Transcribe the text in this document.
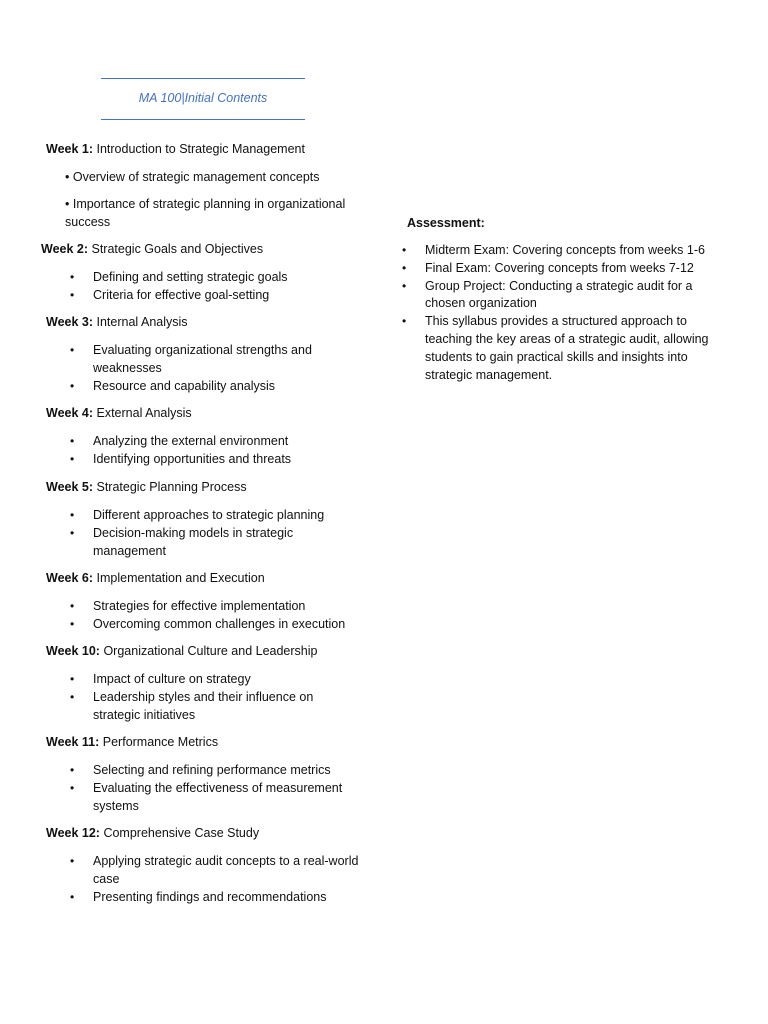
MA 100|Initial Contents

Week 1: Introduction to Strategic Management

• Overview of strategic management concepts
• Importance of strategic planning in organizational success

Week 2: Strategic Goals and Objectives

• Defining and setting strategic goals
• Criteria for effective goal-setting

Week 3: Internal Analysis

• Evaluating organizational strengths and weaknesses
• Resource and capability analysis

Week 4: External Analysis

• Analyzing the external environment
• Identifying opportunities and threats

Week 5: Strategic Planning Process

• Different approaches to strategic planning
• Decision-making models in strategic management

Week 6: Implementation and Execution

• Strategies for effective implementation
• Overcoming common challenges in execution

Week 10: Organizational Culture and Leadership

• Impact of culture on strategy
• Leadership styles and their influence on strategic initiatives

Week 11: Performance Metrics

• Selecting and refining performance metrics
• Evaluating the effectiveness of measurement systems

Week 12: Comprehensive Case Study

• Applying strategic audit concepts to a real-world case
• Presenting findings and recommendations

Assessment:

• Midterm Exam: Covering concepts from weeks 1-6
• Final Exam: Covering concepts from weeks 7-12
• Group Project: Conducting a strategic audit for a chosen organization
• This syllabus provides a structured approach to teaching the key areas of a strategic audit, allowing students to gain practical skills and insights into strategic management.
